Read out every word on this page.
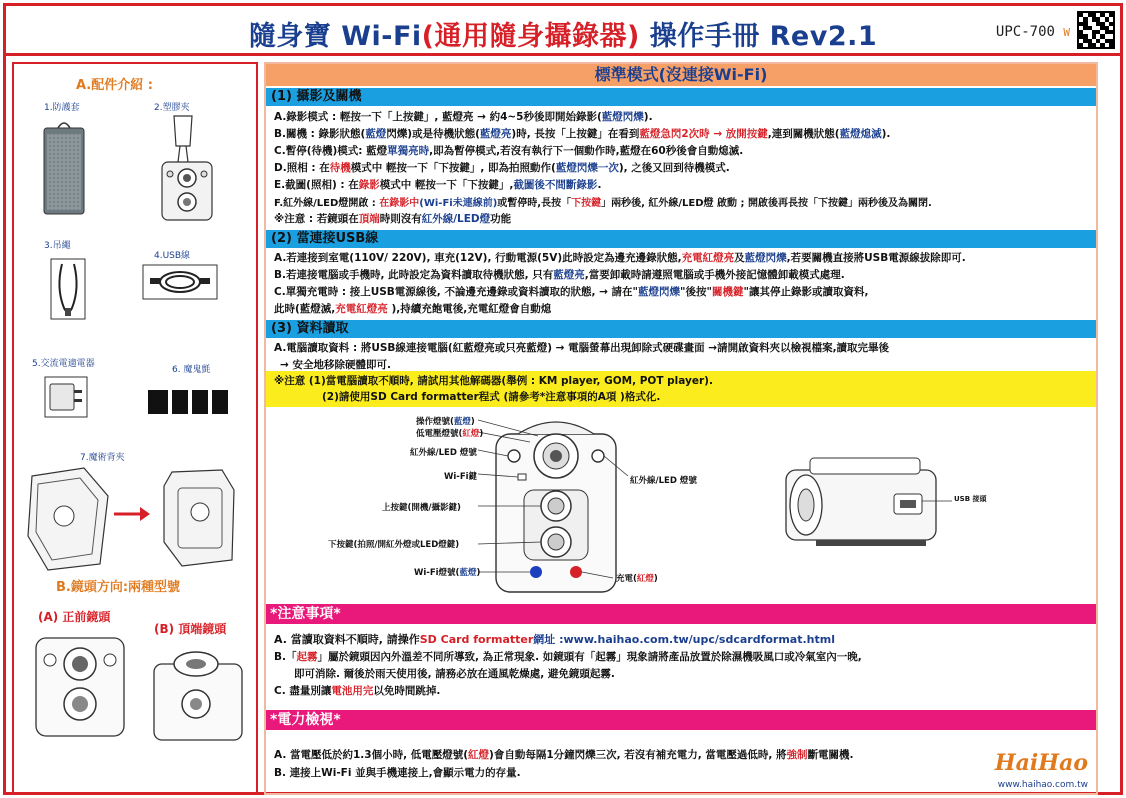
隨身寶 Wi-Fi(通用隨身攝錄器) 操作手冊 Rev2.1	UPC-700 W
A.配件介紹 :
1.防護套	2.塑膠夾
3.吊繩
4.USB線
5.交流電適電器
6. 魔鬼氈
7.魔術背夾
B.鏡頭方向:兩種型號
(A) 正前鏡頭
(B) 頂端鏡頭
標準模式(沒連接Wi-Fi)
(1) 攝影及關機
A.錄影模式 : 輕按一下「上按鍵」, 藍燈亮 → 約4~5秒後即開始錄影(藍燈閃爍).
B.關機 : 錄影狀態(藍燈閃爍)或是待機狀態(藍燈亮)時, 長按「上按鍵」在看到藍燈急閃2次時 → 放開按鍵,連到關機狀態(藍燈熄滅).
C.暫停(待機)模式: 藍燈單獨亮時,即為暫停模式,若沒有執行下一個動作時,藍燈在60秒後會自動熄滅.
D.照相 : 在待機模式中 輕按一下「下按鍵」, 即為拍照動作(藍燈閃爍一次), 之後又回到待機模式.
E.截圖(照相) : 在錄影模式中 輕按一下「下按鍵」,截圖後不間斷錄影.
F.紅外線/LED燈開啟 : 在錄影中(Wi-Fi未連線前)或暫停時,長按「下按鍵」兩秒後, 紅外線/LED燈 啟動 ; 開啟後再長按「下按鍵」兩秒後及為關閉.
※注意 : 若鏡頭在頂端時則沒有紅外線/LED燈功能
(2) 當連接USB線
A.若連接到室電(110V/ 220V), 車充(12V), 行動電源(5V)此時設定為邊充邊錄狀態,充電紅燈亮及藍燈閃爍,若要關機直接將USB電源線拔除即可.
B.若連接電腦或手機時, 此時設定為資料讀取待機狀態, 只有藍燈亮,當要卸載時請遵照電腦或手機外接記憶體卸載模式處理.
C.單獨充電時 : 接上USB電源線後, 不論邊充邊錄或資料讀取的狀態, → 請在"藍燈閃爍"後按"關機鍵"讓其停止錄影或讀取資料,
此時(藍燈滅,充電紅燈亮 ),持續充飽電後,充電紅燈會自動熄
(3) 資料讀取
A.電腦讀取資料 : 將USB線連接電腦(紅藍燈亮或只亮藍燈) → 電腦螢幕出現卸除式硬碟畫面 →請開啟資料夾以檢視檔案,讀取完畢後
→ 安全地移除硬體即可.
※注意 (1)當電腦讀取不順時, 請試用其他解碼器(舉例 : KM player, GOM, POT player).
(2)請使用SD Card formatter程式 (請參考*注意事項的A項 )格式化.
操作燈號(藍燈)
低電壓燈號(紅燈)
紅外線/LED 燈號
Wi-Fi鍵
上按鍵(開機/攝影鍵)
下按鍵(拍照/開紅外燈或LED燈鍵)
Wi-Fi燈號(藍燈)
紅外線/LED 燈號
充電(紅燈)
USB 接頭
*注意事項*
A. 當讀取資料不順時, 請操作SD Card formatter網址 :www.haihao.com.tw/upc/sdcardformat.html
B.「起霧」屬於鏡頭因內外溫差不同所導致, 為正常現象. 如鏡頭有「起霧」現象請將產品放置於除濕機吸風口或冷氣室內一晚,
即可消除. 爾後於雨天使用後, 請務必放在通風乾燥處, 避免鏡頭起霧.
C. 盡量別讓電池用完以免時間跳掉.
*電力檢視*
A. 當電壓低於約1.3個小時, 低電壓燈號(紅燈)會自動每隔1分鐘閃爍三次, 若沒有補充電力, 當電壓過低時, 將強制斷電關機.
B. 連接上Wi-Fi 並與手機連接上,會顯示電力的存量.	HaiHao
www.haihao.com.tw
